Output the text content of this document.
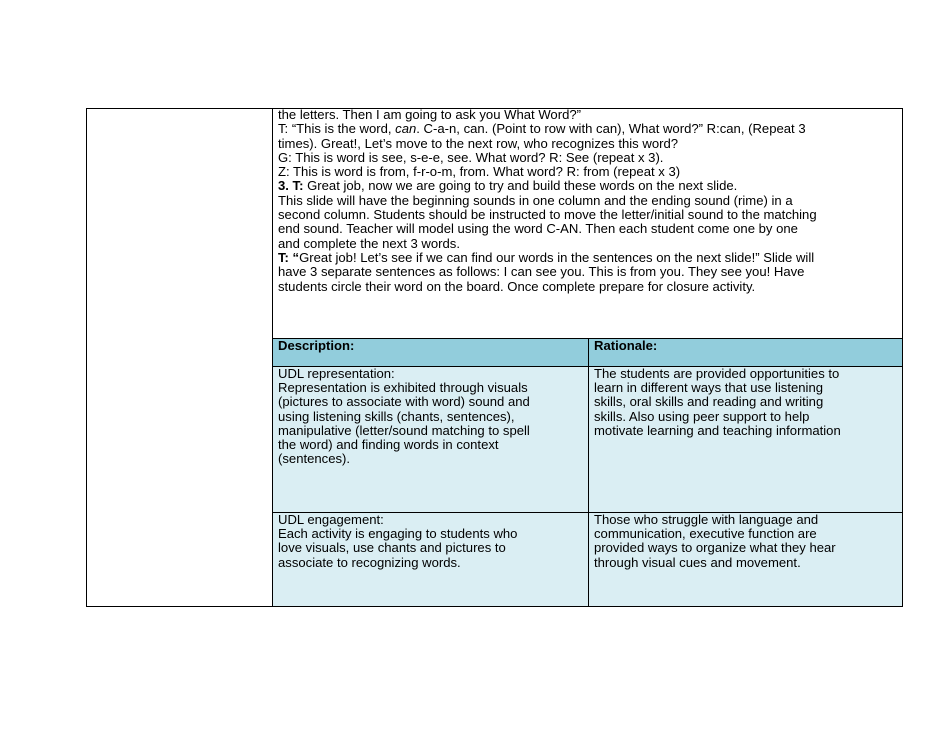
the letters. Then I am going to ask you What Word?”
T: “This is the word, can. C-a-n, can. (Point to row with can), What word?” R:can, (Repeat 3
times). Great!, Let’s move to the next row, who recognizes this word?
G: This is word is see, s-e-e, see. What word? R: See (repeat x 3).
Z: This is word is from, f-r-o-m, from. What word? R: from (repeat x 3)
3. T: Great job, now we are going to try and build these words on the next slide.
This slide will have the beginning sounds in one column and the ending sound (rime) in a
second column. Students should be instructed to move the letter/initial sound to the matching
end sound. Teacher will model using the word C-AN. Then each student come one by one
and complete the next 3 words.
T: “Great job! Let’s see if we can find our words in the sentences on the next slide!” Slide will
have 3 separate sentences as follows: I can see you. This is from you. They see you! Have
students circle their word on the board. Once complete prepare for closure activity.
Description:	Rationale:
UDL representation:
Representation is exhibited through visuals
(pictures to associate with word) sound and
using listening skills (chants, sentences),
manipulative (letter/sound matching to spell
the word) and finding words in context
(sentences).
The students are provided opportunities to
learn in different ways that use listening
skills, oral skills and reading and writing
skills. Also using peer support to help
motivate learning and teaching information
UDL engagement:
Each activity is engaging to students who
love visuals, use chants and pictures to
associate to recognizing words.
Those who struggle with language and
communication, executive function are
provided ways to organize what they hear
through visual cues and movement.
